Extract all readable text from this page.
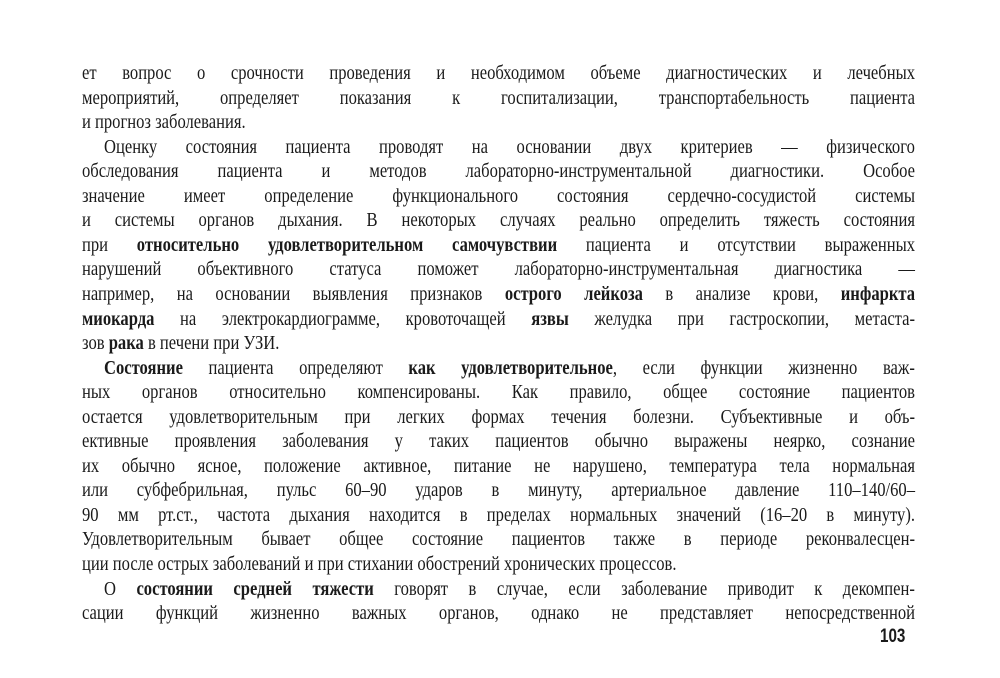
ет вопрос о срочности проведения и необходимом объеме диагностических и лечебных
мероприятий, определяет показания к госпитализации, транспортабельность пациента
и прогноз заболевания.
Оценку состояния пациента проводят на основании двух критериев — физического
обследования пациента и методов лабораторно-инструментальной диагностики. Особое
значение имеет определение функционального состояния сердечно-сосудистой системы
и системы органов дыхания. В некоторых случаях реально определить тяжесть состояния
при относительно удовлетворительном самочувствии пациента и отсутствии выраженных
нарушений объективного статуса поможет лабораторно-инструментальная диагностика —
например, на основании выявления признаков острого лейкоза в анализе крови, инфаркта
миокарда на электрокардиограмме, кровоточащей язвы желудка при гастроскопии, метаста-
зов рака в печени при УЗИ.
Состояние пациента определяют как удовлетворительное, если функции жизненно важ-
ных органов относительно компенсированы. Как правило, общее состояние пациентов
остается удовлетворительным при легких формах течения болезни. Субъективные и объ-
ективные проявления заболевания у таких пациентов обычно выражены неярко, сознание
их обычно ясное, положение активное, питание не нарушено, температура тела нормальная
или субфебрильная, пульс 60–90 ударов в минуту, артериальное давление 110–140/60–
90 мм рт.ст., частота дыхания находится в пределах нормальных значений (16–20 в минуту).
Удовлетворительным бывает общее состояние пациентов также в периоде реконвалесцен-
ции после острых заболеваний и при стихании обострений хронических процессов.
О состоянии средней тяжести говорят в случае, если заболевание приводит к декомпен-
сации функций жизненно важных органов, однако не представляет непосредственной
103
